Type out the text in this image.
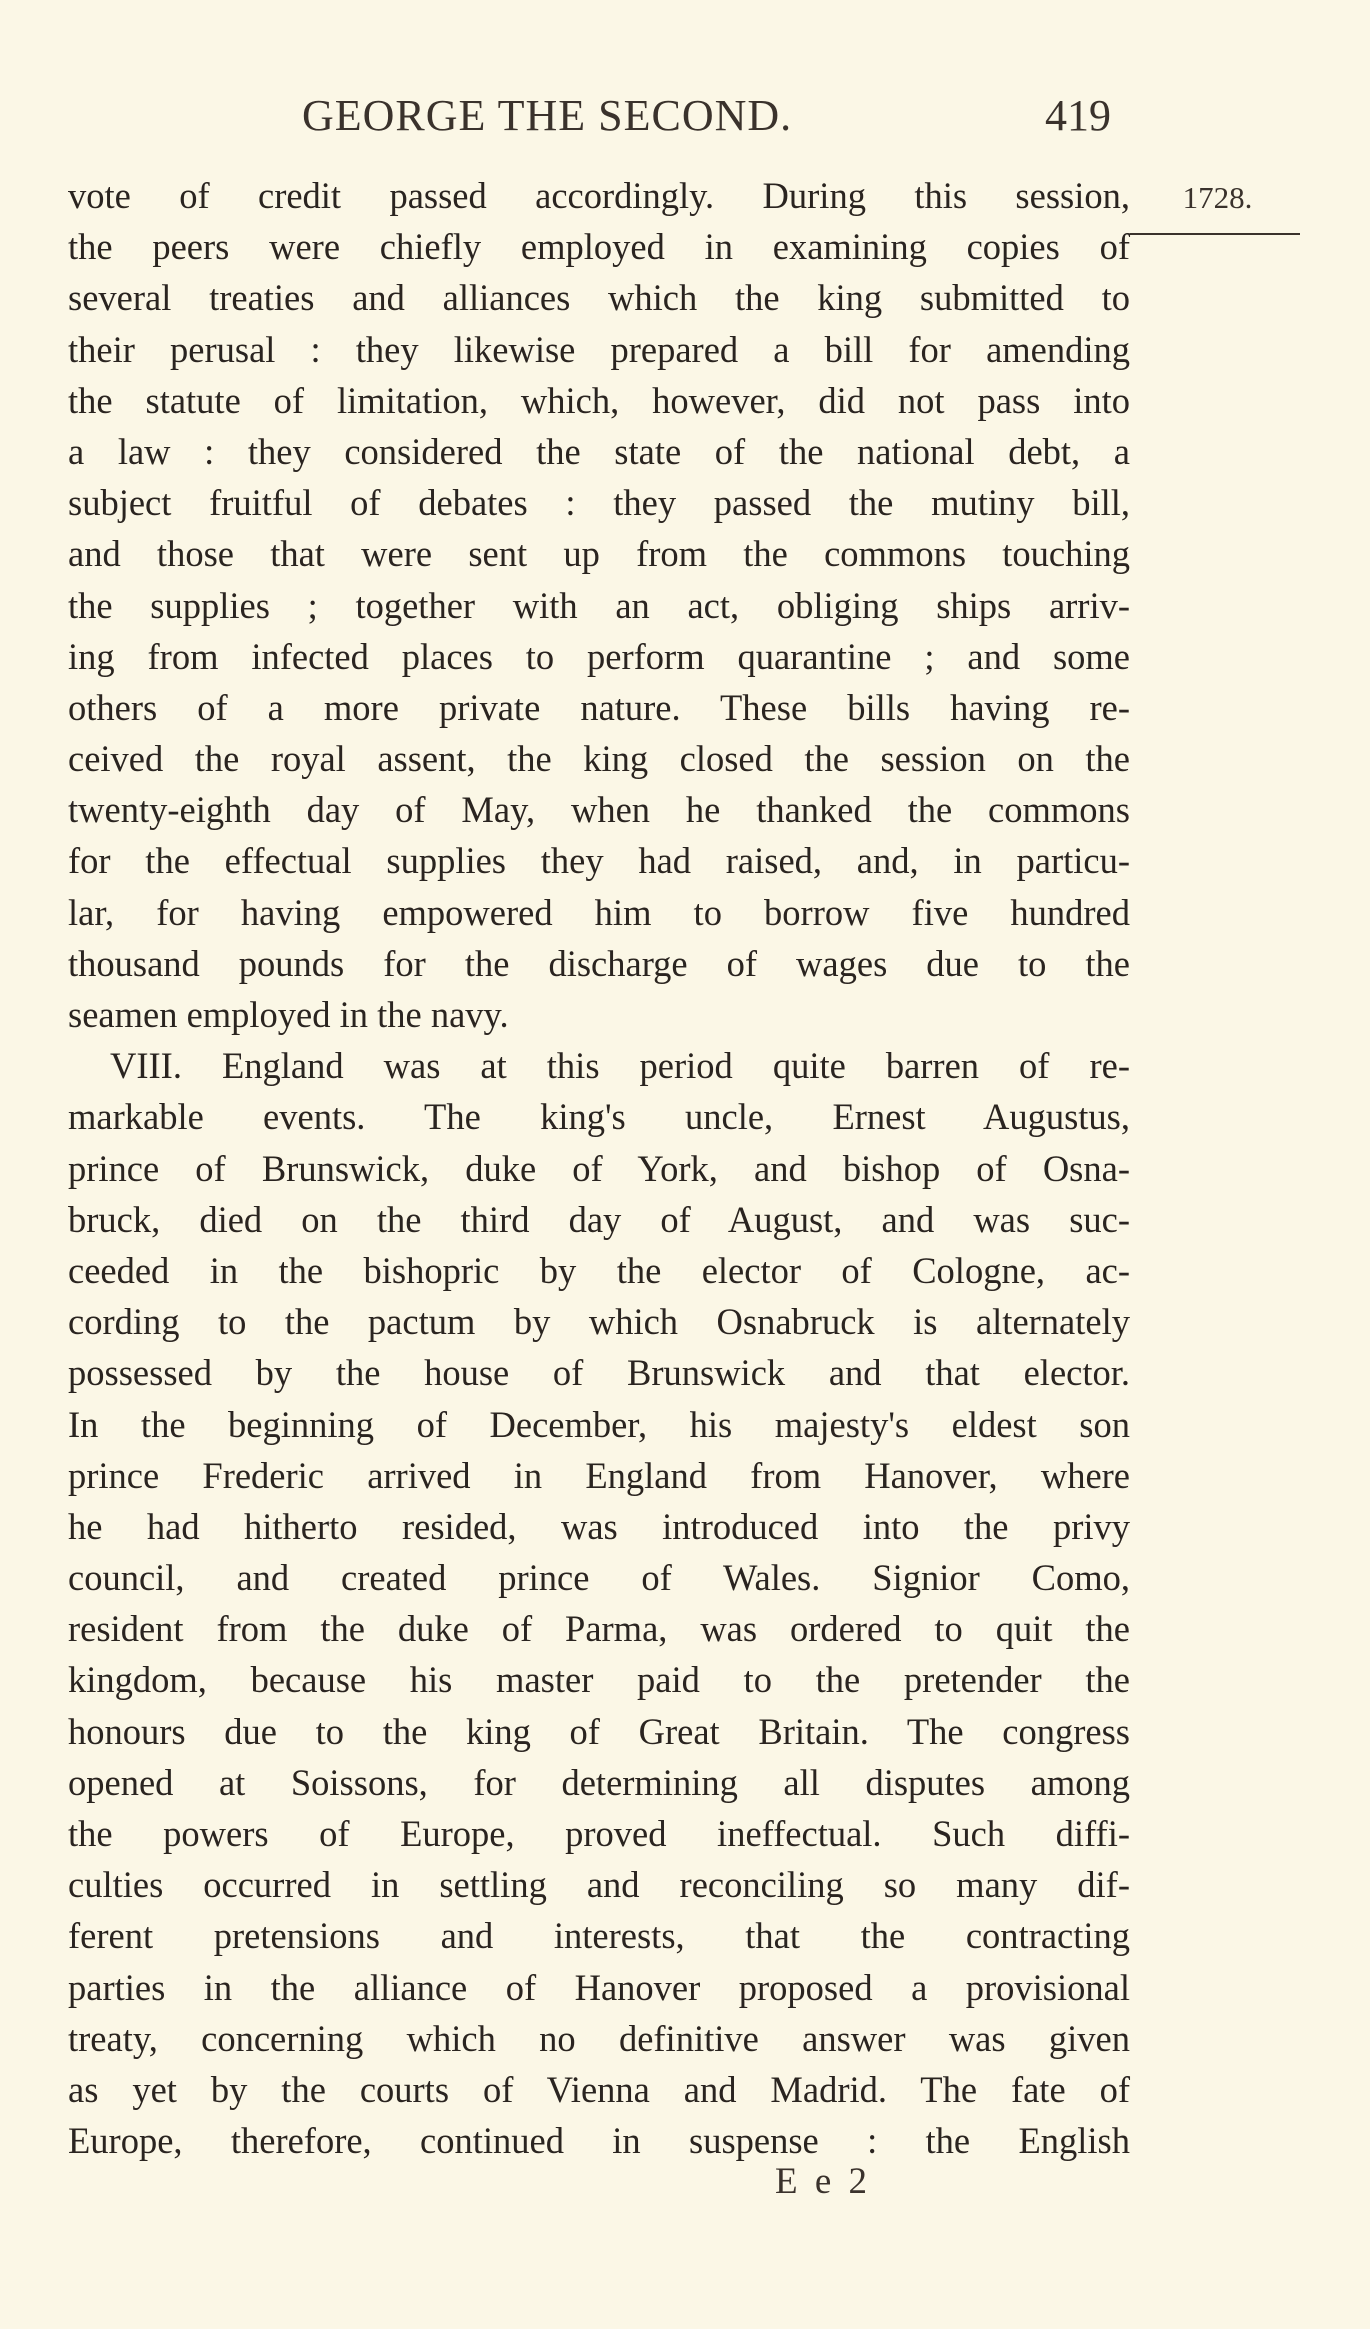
GEORGE THE SECOND.	419
1728.
vote of credit passed accordingly. During this session,
the peers were chiefly employed in examining copies of
several treaties and alliances which the king submitted to
their perusal : they likewise prepared a bill for amending
the statute of limitation, which, however, did not pass into
a law : they considered the state of the national debt, a
subject fruitful of debates : they passed the mutiny bill,
and those that were sent up from the commons touching
the supplies ; together with an act, obliging ships arriv-
ing from infected places to perform quarantine ; and some
others of a more private nature. These bills having re-
ceived the royal assent, the king closed the session on the
twenty-eighth day of May, when he thanked the commons
for the effectual supplies they had raised, and, in particu-
lar, for having empowered him to borrow five hundred
thousand pounds for the discharge of wages due to the
seamen employed in the navy.
VIII. England was at this period quite barren of re-
markable events. The king's uncle, Ernest Augustus,
prince of Brunswick, duke of York, and bishop of Osna-
bruck, died on the third day of August, and was suc-
ceeded in the bishopric by the elector of Cologne, ac-
cording to the pactum by which Osnabruck is alternately
possessed by the house of Brunswick and that elector.
In the beginning of December, his majesty's eldest son
prince Frederic arrived in England from Hanover, where
he had hitherto resided, was introduced into the privy
council, and created prince of Wales. Signior Como,
resident from the duke of Parma, was ordered to quit the
kingdom, because his master paid to the pretender the
honours due to the king of Great Britain. The congress
opened at Soissons, for determining all disputes among
the powers of Europe, proved ineffectual. Such diffi-
culties occurred in settling and reconciling so many dif-
ferent pretensions and interests, that the contracting
parties in the alliance of Hanover proposed a provisional
treaty, concerning which no definitive answer was given
as yet by the courts of Vienna and Madrid. The fate of
Europe, therefore, continued in suspense : the English
E e 2
